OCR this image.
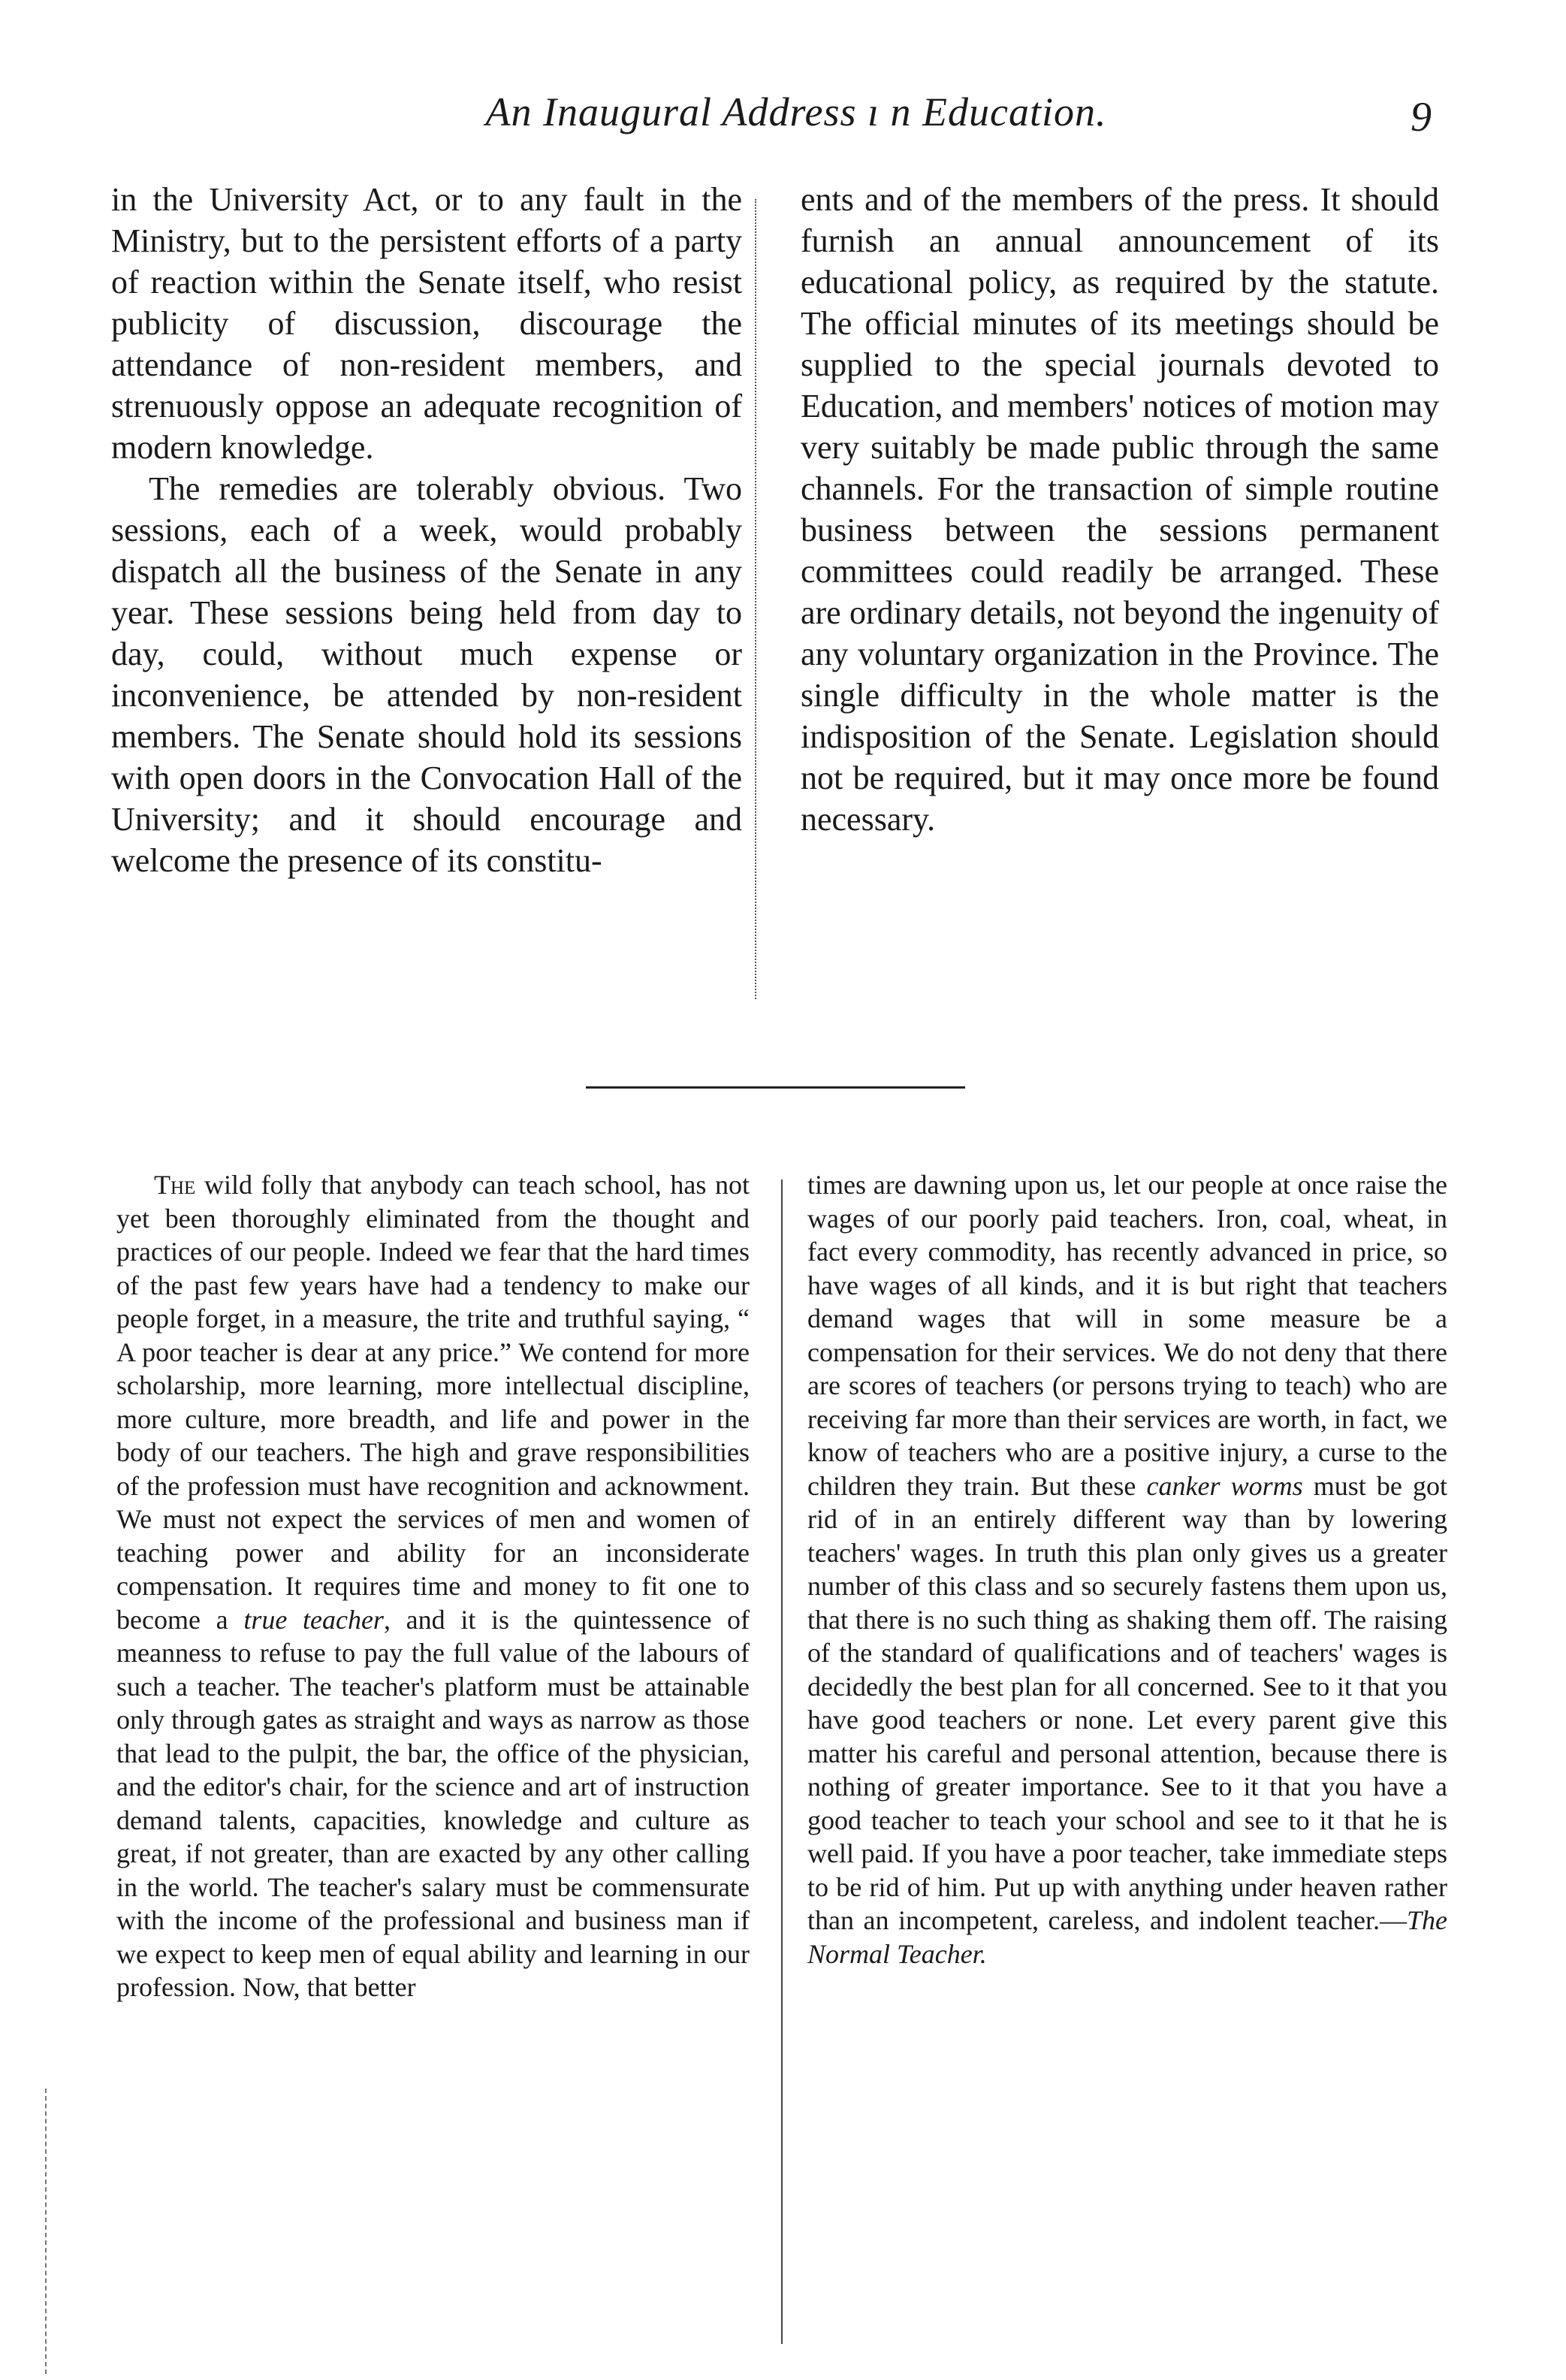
An Inaugural Address ı n Education.	9

in the University Act, or to any fault in the Ministry, but to the persistent efforts of a party of reaction within the Senate itself, who resist publicity of discussion, discourage the attendance of non-resident members, and strenuously oppose an adequate recognition of modern knowledge.

The remedies are tolerably obvious. Two sessions, each of a week, would probably dispatch all the business of the Senate in any year. These sessions being held from day to day, could, without much expense or inconvenience, be attended by non-resident members. The Senate should hold its sessions with open doors in the Convocation Hall of the University; and it should encourage and welcome the presence of its constitu-

ents and of the members of the press. It should furnish an annual announcement of its educational policy, as required by the statute. The official minutes of its meetings should be supplied to the special journals devoted to Education, and members' notices of motion may very suitably be made public through the same channels. For the transaction of simple routine business between the sessions permanent committees could readily be arranged. These are ordinary details, not beyond the ingenuity of any voluntary organization in the Province. The single difficulty in the whole matter is the indisposition of the Senate. Legislation should not be required, but it may once more be found necessary.

The wild folly that anybody can teach school, has not yet been thoroughly eliminated from the thought and practices of our people. Indeed we fear that the hard times of the past few years have had a tendency to make our people forget, in a measure, the trite and truthful saying, “ A poor teacher is dear at any price.” We contend for more scholarship, more learning, more intellectual discipline, more culture, more breadth, and life and power in the body of our teachers. The high and grave responsibilities of the profession must have recognition and acknowment. We must not expect the services of men and women of teaching power and ability for an inconsiderate compensation. It requires time and money to fit one to become a true teacher, and it is the quintessence of meanness to refuse to pay the full value of the labours of such a teacher. The teacher's platform must be attainable only through gates as straight and ways as narrow as those that lead to the pulpit, the bar, the office of the physician, and the editor's chair, for the science and art of instruction demand talents, capacities, knowledge and culture as great, if not greater, than are exacted by any other calling in the world. The teacher's salary must be commensurate with the income of the professional and business man if we expect to keep men of equal ability and learning in our profession. Now, that better

times are dawning upon us, let our people at once raise the wages of our poorly paid teachers. Iron, coal, wheat, in fact every commodity, has recently advanced in price, so have wages of all kinds, and it is but right that teachers demand wages that will in some measure be a compensation for their services. We do not deny that there are scores of teachers (or persons trying to teach) who are receiving far more than their services are worth, in fact, we know of teachers who are a positive injury, a curse to the children they train. But these canker worms must be got rid of in an entirely different way than by lowering teachers' wages. In truth this plan only gives us a greater number of this class and so securely fastens them upon us, that there is no such thing as shaking them off. The raising of the standard of qualifications and of teachers' wages is decidedly the best plan for all concerned. See to it that you have good teachers or none. Let every parent give this matter his careful and personal attention, because there is nothing of greater importance. See to it that you have a good teacher to teach your school and see to it that he is well paid. If you have a poor teacher, take immediate steps to be rid of him. Put up with anything under heaven rather than an incompetent, careless, and indolent teacher.—The Normal Teacher.
